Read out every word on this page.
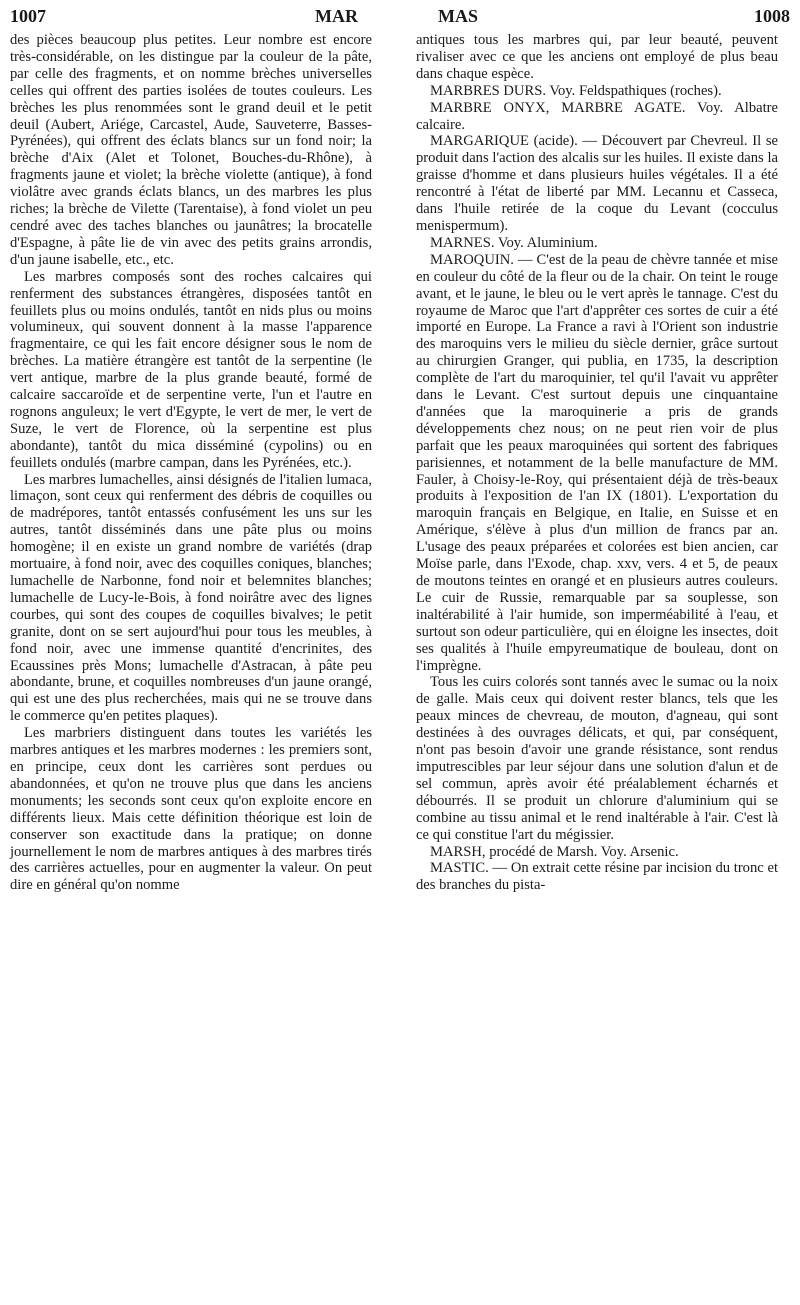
1007	MAR	MAS	1008

des pièces beaucoup plus petites. Leur nombre est encore très-considérable, on les distingue par la couleur de la pâte, par celle des fragments, et on nomme brèches universelles celles qui offrent des parties isolées de toutes couleurs. Les brèches les plus renommées sont le grand deuil et le petit deuil (Aubert, Ariége, Carcastel, Aude, Sauveterre, Basses-Pyrénées), qui offrent des éclats blancs sur un fond noir; la brèche d'Aix (Alet et Tolonet, Bouches-du-Rhône), à fragments jaune et violet; la brèche violette (antique), à fond violâtre avec grands éclats blancs, un des marbres les plus riches; la brèche de Vilette (Tarentaise), à fond violet un peu cendré avec des taches blanches ou jaunâtres; la brocatelle d'Espagne, à pâte lie de vin avec des petits grains arrondis, d'un jaune isabelle, etc., etc.

Les marbres composés sont des roches calcaires qui renferment des substances étrangères, disposées tantôt en feuillets plus ou moins ondulés, tantôt en nids plus ou moins volumineux, qui souvent donnent à la masse l'apparence fragmentaire, ce qui les fait encore désigner sous le nom de brèches. La matière étrangère est tantôt de la serpentine (le vert antique, marbre de la plus grande beauté, formé de calcaire saccaroïde et de serpentine verte, l'un et l'autre en rognons anguleux; le vert d'Egypte, le vert de mer, le vert de Suze, le vert de Florence, où la serpentine est plus abondante), tantôt du mica disséminé (cypolins) ou en feuillets ondulés (marbre campan, dans les Pyrénées, etc.).

Les marbres lumachelles, ainsi désignés de l'italien lumaca, limaçon, sont ceux qui renferment des débris de coquilles ou de madrépores, tantôt entassés confusément les uns sur les autres, tantôt disséminés dans une pâte plus ou moins homogène; il en existe un grand nombre de variétés (drap mortuaire, à fond noir, avec des coquilles coniques, blanches; lumachelle de Narbonne, fond noir et belemnites blanches; lumachelle de Lucy-le-Bois, à fond noirâtre avec des lignes courbes, qui sont des coupes de coquilles bivalves; le petit granite, dont on se sert aujourd'hui pour tous les meubles, à fond noir, avec une immense quantité d'encrinites, des Ecaussines près Mons; lumachelle d'Astracan, à pâte peu abondante, brune, et coquilles nombreuses d'un jaune orangé, qui est une des plus recherchées, mais qui ne se trouve dans le commerce qu'en petites plaques).

Les marbriers distinguent dans toutes les variétés les marbres antiques et les marbres modernes : les premiers sont, en principe, ceux dont les carrières sont perdues ou abandonnées, et qu'on ne trouve plus que dans les anciens monuments; les seconds sont ceux qu'on exploite encore en différents lieux. Mais cette définition théorique est loin de conserver son exactitude dans la pratique; on donne journellement le nom de marbres antiques à des marbres tirés des carrières actuelles, pour en augmenter la valeur. On peut dire en général qu'on nomme

antiques tous les marbres qui, par leur beauté, peuvent rivaliser avec ce que les anciens ont employé de plus beau dans chaque espèce.

MARBRES DURS. Voy. Feldspathiques (roches).

MARBRE ONYX, MARBRE AGATE. Voy. Albatre calcaire.

MARGARIQUE (acide). — Découvert par Chevreul. Il se produit dans l'action des alcalis sur les huiles. Il existe dans la graisse d'homme et dans plusieurs huiles végétales. Il a été rencontré à l'état de liberté par MM. Lecannu et Casseca, dans l'huile retirée de la coque du Levant (cocculus menispermum).

MARNES. Voy. Aluminium.

MAROQUIN. — C'est de la peau de chèvre tannée et mise en couleur du côté de la fleur ou de la chair. On teint le rouge avant, et le jaune, le bleu ou le vert après le tannage. C'est du royaume de Maroc que l'art d'apprêter ces sortes de cuir a été importé en Europe. La France a ravi à l'Orient son industrie des maroquins vers le milieu du siècle dernier, grâce surtout au chirurgien Granger, qui publia, en 1735, la description complète de l'art du maroquinier, tel qu'il l'avait vu apprêter dans le Levant. C'est surtout depuis une cinquantaine d'années que la maroquinerie a pris de grands développements chez nous; on ne peut rien voir de plus parfait que les peaux maroquinées qui sortent des fabriques parisiennes, et notamment de la belle manufacture de MM. Fauler, à Choisy-le-Roy, qui présentaient déjà de très-beaux produits à l'exposition de l'an IX (1801). L'exportation du maroquin français en Belgique, en Italie, en Suisse et en Amérique, s'élève à plus d'un million de francs par an. L'usage des peaux préparées et colorées est bien ancien, car Moïse parle, dans l'Exode, chap. xxv, vers. 4 et 5, de peaux de moutons teintes en orangé et en plusieurs autres couleurs. Le cuir de Russie, remarquable par sa souplesse, son inaltérabilité à l'air humide, son imperméabilité à l'eau, et surtout son odeur particulière, qui en éloigne les insectes, doit ses qualités à l'huile empyreumatique de bouleau, dont on l'imprègne.

Tous les cuirs colorés sont tannés avec le sumac ou la noix de galle. Mais ceux qui doivent rester blancs, tels que les peaux minces de chevreau, de mouton, d'agneau, qui sont destinées à des ouvrages délicats, et qui, par conséquent, n'ont pas besoin d'avoir une grande résistance, sont rendus imputrescibles par leur séjour dans une solution d'alun et de sel commun, après avoir été préalablement écharnés et débourrés. Il se produit un chlorure d'aluminium qui se combine au tissu animal et le rend inaltérable à l'air. C'est là ce qui constitue l'art du mégissier.

MARSH, procédé de Marsh. Voy. Arsenic.

MASTIC. — On extrait cette résine par incision du tronc et des branches du pista-
